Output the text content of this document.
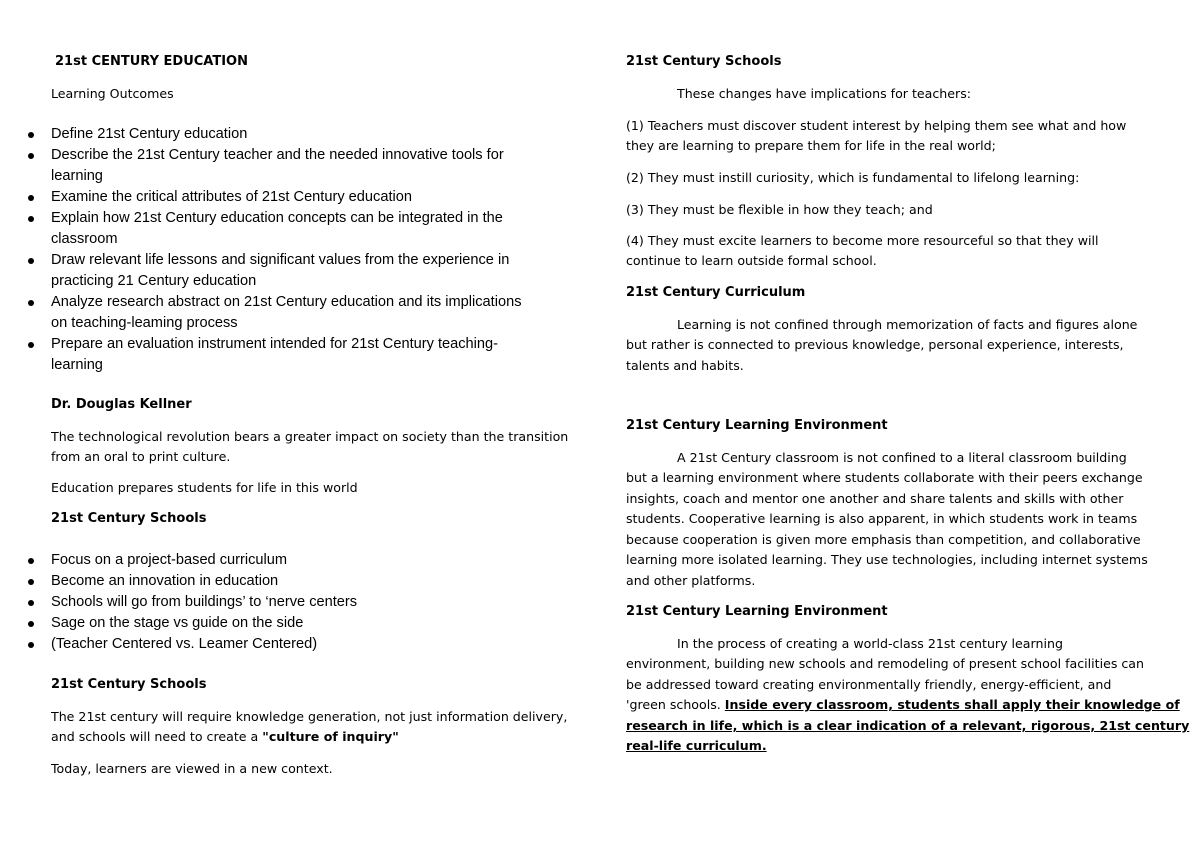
21st CENTURY EDUCATION

Learning Outcomes

Define 21st Century education
Describe the 21st Century teacher and the needed innovative tools for
learning
Examine the critical attributes of 21st Century education
Explain how 21st Century education concepts can be integrated in the
classroom
Draw relevant life lessons and significant values from the experience in
practicing 21 Century education
Analyze research abstract on 21st Century education and its implications
on teaching-leaming process
Prepare an evaluation instrument intended for 21st Century teaching-
learning

Dr. Douglas Kellner

The technological revolution bears a greater impact on society than the transition

from an oral to print culture.

Education prepares students for life in this world

21st Century Schools

Focus on a project-based curriculum
Become an innovation in education
Schools will go from buildings’ to ‘nerve centers
Sage on the stage vs guide on the side
(Teacher Centered vs. Leamer Centered)

21st Century Schools

The 21st century will require knowledge generation, not just information delivery,

and schools will need to create a "culture of inquiry"

Today, learners are viewed in a new context.

21st Century Schools

These changes have implications for teachers:

(1) Teachers must discover student interest by helping them see what and how

they are learning to prepare them for life in the real world;

(2) They must instill curiosity, which is fundamental to lifelong learning:

(3) They must be flexible in how they teach; and

(4) They must excite learners to become more resourceful so that they will

continue to learn outside formal school.

21st Century Curriculum

Learning is not confined through memorization of facts and figures alone

but rather is connected to previous knowledge, personal experience, interests,

talents and habits.

21st Century Learning Environment

A 21st Century classroom is not confined to a literal classroom building

but a learning environment where students collaborate with their peers exchange

insights, coach and mentor one another and share talents and skills with other

students. Cooperative learning is also apparent, in which students work in teams

because cooperation is given more emphasis than competition, and collaborative

learning more isolated learning. They use technologies, including internet systems

and other platforms.

21st Century Learning Environment

In the process of creating a world-class 21st century learning

environment, building new schools and remodeling of present school facilities can

be addressed toward creating environmentally friendly, energy-efficient, and

'green schools. Inside every classroom, students shall apply their knowledge of

research in life, which is a clear indication of a relevant, rigorous, 21st century

real-life curriculum.
